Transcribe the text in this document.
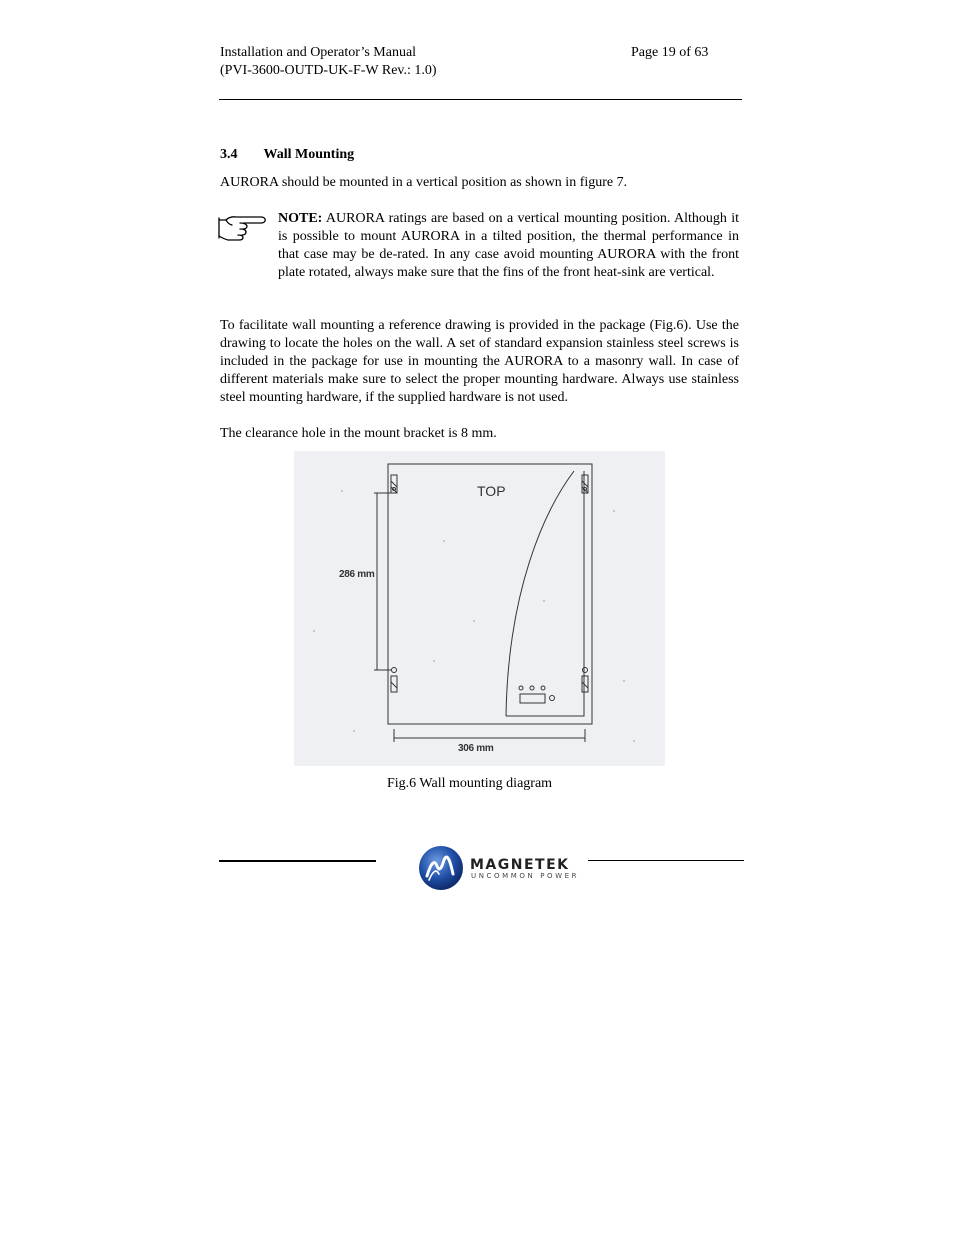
Installation and Operator’s Manual
(PVI-3600-OUTD-UK-F-W Rev.: 1.0)
Page 19 of 63
3.4 Wall Mounting
AURORA should be mounted in a vertical position as shown in figure 7.
NOTE: AURORA ratings are based on a vertical mounting position. Although it is possible to mount AURORA in a tilted position, the thermal performance in that case may be de-rated. In any case avoid mounting AURORA with the front plate rotated, always make sure that the fins of the front heat-sink are vertical.
To facilitate wall mounting a reference drawing is provided in the package (Fig.6). Use the drawing to locate the holes on the wall. A set of standard expansion stainless steel screws is included in the package for use in mounting the AURORA to a masonry wall. In case of different materials make sure to select the proper mounting hardware. Always use stainless steel mounting hardware, if the supplied hardware is not used.
The clearance hole in the mount bracket is 8 mm.
TOP
286 mm
306 mm
Fig.6 Wall mounting diagram
MAGNETEK
UNCOMMON POWER
